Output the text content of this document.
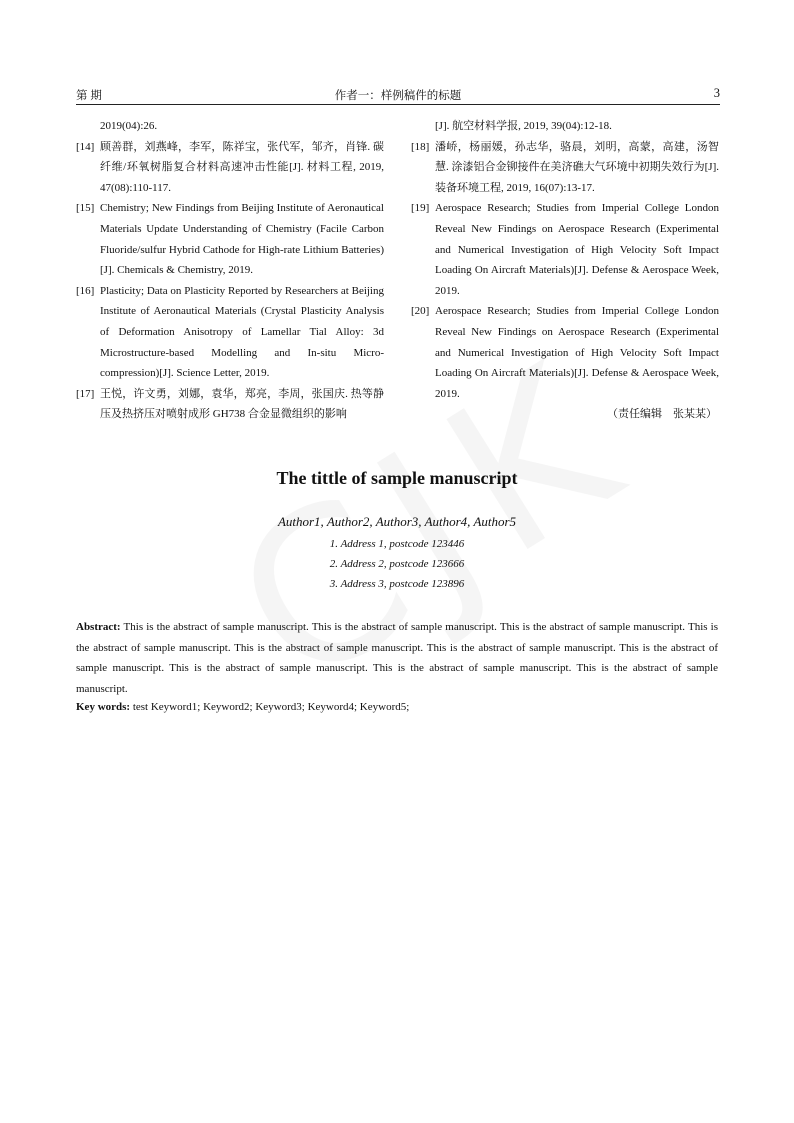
第 期	作者一：样例稿件的标题	3
2019(04):26.
[14] 顾善群，刘燕峰，李军，陈祥宝，张代军，邹齐，肖锋. 碳纤维/环氧树脂复合材料高速冲击性能[J]. 材料工程, 2019, 47(08):110-117.
[15] Chemistry; New Findings from Beijing Institute of Aeronautical Materials Update Understanding of Chemistry (Facile Carbon Fluoride/sulfur Hybrid Cathode for High-rate Lithium Batteries)[J]. Chemicals & Chemistry, 2019.
[16] Plasticity; Data on Plasticity Reported by Researchers at Beijing Institute of Aeronautical Materials (Crystal Plasticity Analysis of Deformation Anisotropy of Lamellar Tial Alloy: 3d Microstructure-based Modelling and In-situ Micro-compression)[J]. Science Letter, 2019.
[17] 王悦，许文勇，刘娜，袁华，郑亮，李周，张国庆. 热等静压及热挤压对喷射成形 GH738 合金显微组织的影响
[J]. 航空材料学报, 2019, 39(04):12-18.
[18] 潘峤，杨丽媛，孙志华，骆晨，刘明，高蒙，高建，汤智慧. 涂漆铝合金铆接件在美济礁大气环境中初期失效行为[J]. 装备环境工程, 2019, 16(07):13-17.
[19] Aerospace Research; Studies from Imperial College London Reveal New Findings on Aerospace Research (Experimental and Numerical Investigation of High Velocity Soft Impact Loading On Aircraft Materials)[J]. Defense & Aerospace Week, 2019.
[20] Aerospace Research; Studies from Imperial College London Reveal New Findings on Aerospace Research (Experimental and Numerical Investigation of High Velocity Soft Impact Loading On Aircraft Materials)[J]. Defense & Aerospace Week, 2019.
（责任编辑　张某某）
The tittle of sample manuscript
Author1, Author2, Author3, Author4, Author5
1. Address 1, postcode 123446
2. Address 2, postcode 123666
3. Address 3, postcode 123896
Abstract: This is the abstract of sample manuscript. This is the abstract of sample manuscript. This is the abstract of sample manuscript. This is the abstract of sample manuscript. This is the abstract of sample manuscript. This is the abstract of sample manuscript. This is the abstract of sample manuscript. This is the abstract of sample manuscript. This is the abstract of sample manuscript. This is the abstract of sample manuscript.
Key words: test Keyword1; Keyword2; Keyword3; Keyword4; Keyword5;
